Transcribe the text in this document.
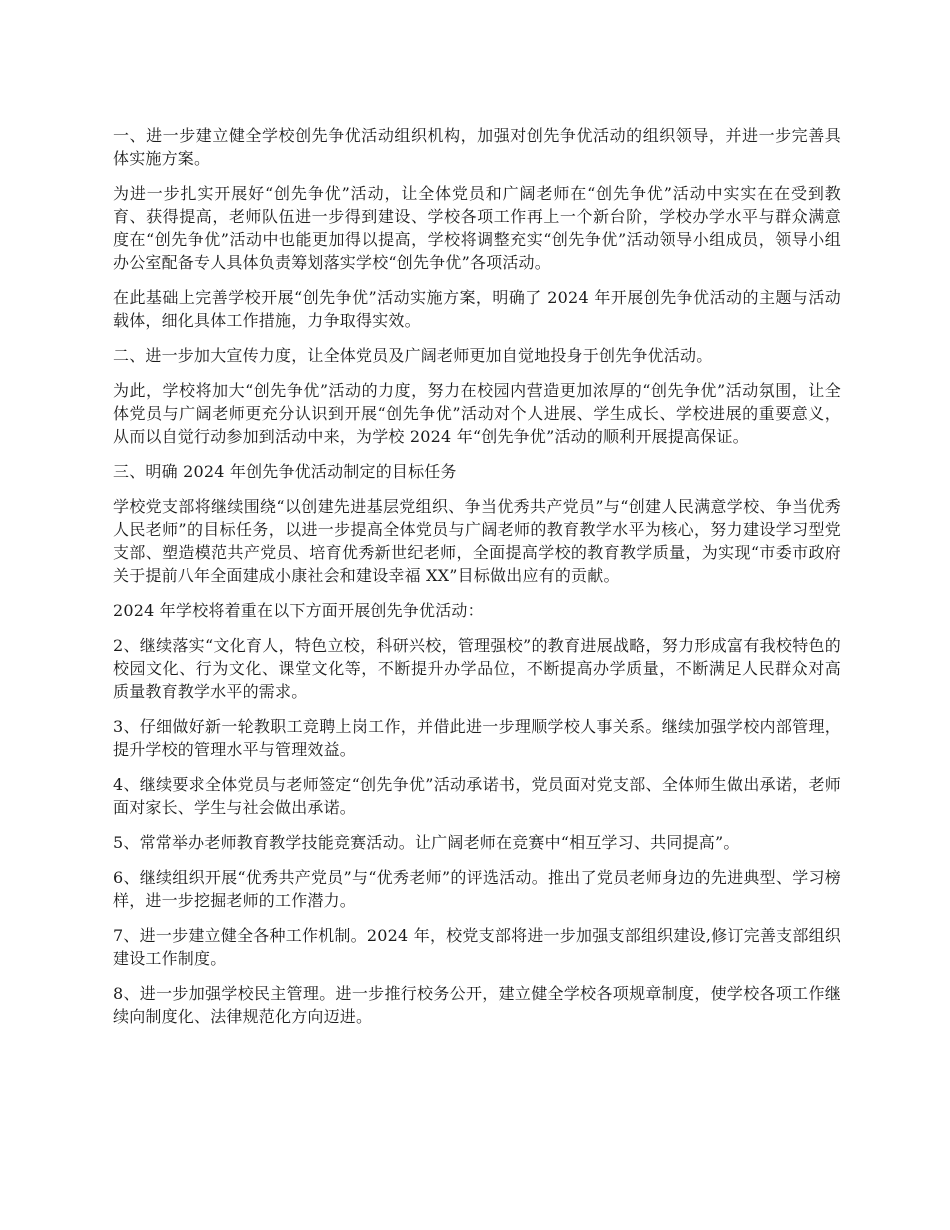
一、进一步建立健全学校创先争优活动组织机构，加强对创先争优活动的组织领导，并进一步完善具体实施方案。

为进一步扎实开展好“创先争优”活动，让全体党员和广阔老师在“创先争优”活动中实实在在受到教育、获得提高，老师队伍进一步得到建设、学校各项工作再上一个新台阶，学校办学水平与群众满意度在“创先争优”活动中也能更加得以提高，学校将调整充实“创先争优”活动领导小组成员，领导小组办公室配备专人具体负责筹划落实学校“创先争优”各项活动。

在此基础上完善学校开展“创先争优”活动实施方案，明确了 2024 年开展创先争优活动的主题与活动载体，细化具体工作措施，力争取得实效。

二、进一步加大宣传力度，让全体党员及广阔老师更加自觉地投身于创先争优活动。

为此，学校将加大“创先争优”活动的力度，努力在校园内营造更加浓厚的“创先争优”活动氛围，让全体党员与广阔老师更充分认识到开展“创先争优”活动对个人进展、学生成长、学校进展的重要意义，从而以自觉行动参加到活动中来，为学校 2024 年“创先争优”活动的顺利开展提高保证。

三、明确 2024 年创先争优活动制定的目标任务

学校党支部将继续围绕“以创建先进基层党组织、争当优秀共产党员”与“创建人民满意学校、争当优秀人民老师”的目标任务，以进一步提高全体党员与广阔老师的教育教学水平为核心，努力建设学习型党支部、塑造模范共产党员、培育优秀新世纪老师，全面提高学校的教育教学质量，为实现“市委市政府关于提前八年全面建成小康社会和建设幸福 XX”目标做出应有的贡献。

2024 年学校将着重在以下方面开展创先争优活动：

2、继续落实“文化育人，特色立校，科研兴校，管理强校”的教育进展战略，努力形成富有我校特色的校园文化、行为文化、课堂文化等，不断提升办学品位，不断提高办学质量，不断满足人民群众对高质量教育教学水平的需求。

3、仔细做好新一轮教职工竞聘上岗工作，并借此进一步理顺学校人事关系。继续加强学校内部管理，提升学校的管理水平与管理效益。

4、继续要求全体党员与老师签定“创先争优”活动承诺书，党员面对党支部、全体师生做出承诺，老师面对家长、学生与社会做出承诺。

5、常常举办老师教育教学技能竞赛活动。让广阔老师在竞赛中“相互学习、共同提高”。

6、继续组织开展“优秀共产党员”与“优秀老师”的评选活动。推出了党员老师身边的先进典型、学习榜样，进一步挖掘老师的工作潜力。

7、进一步建立健全各种工作机制。2024 年，校党支部将进一步加强支部组织建设,修订完善支部组织建设工作制度。

8、进一步加强学校民主管理。进一步推行校务公开，建立健全学校各项规章制度，使学校各项工作继续向制度化、法律规范化方向迈进。
